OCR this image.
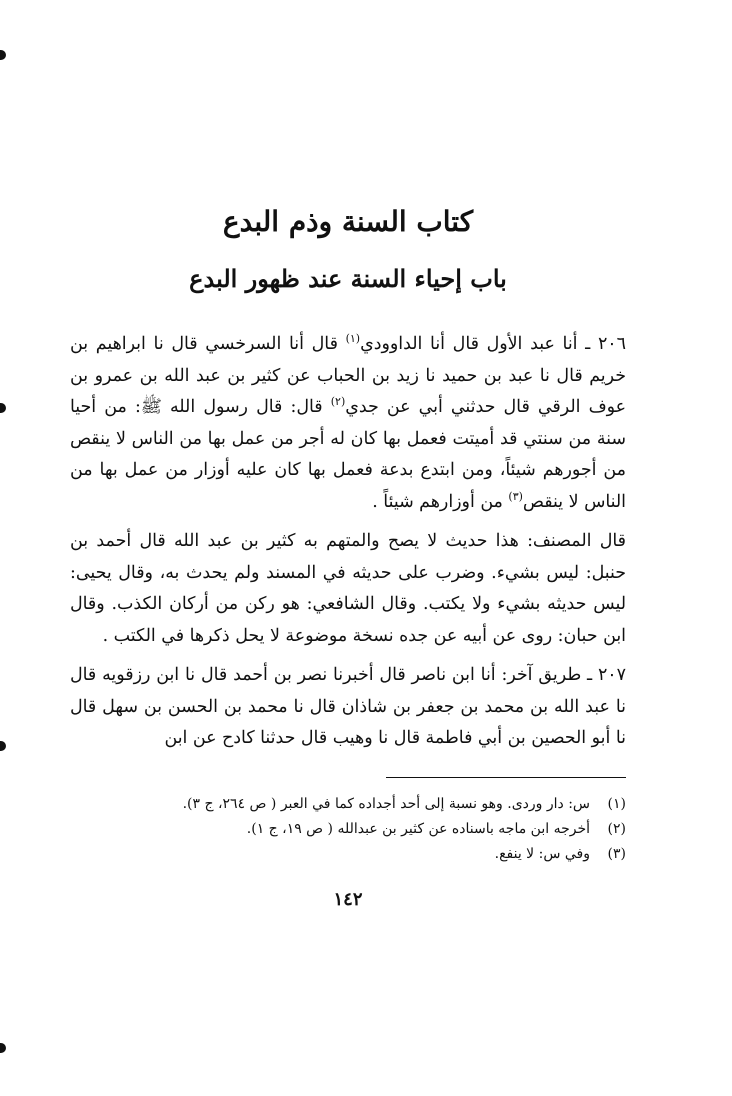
كتاب السنة وذم البدع
باب إحياء السنة عند ظهور البدع

٢٠٦ ـ أنا عبد الأول قال أنا الداوودي$^{(١)}$ قال أنا السرخسي قال نا ابراهيم بن خريم قال نا عبد بن حميد نا زيد بن الحباب عن كثير بن عبد الله بن عمرو بن عوف الرقي قال حدثني أبي عن جدي$^{(٢)}$ قال: قال رسول الله ﷺ: من أحيا سنة من سنتي قد أميتت فعمل بها كان له أجر من عمل بها من الناس لا ينقص من أجورهم شيئاً، ومن ابتدع بدعة فعمل بها كان عليه أوزار من عمل بها من الناس لا ينقص$^{(٣)}$ من أوزارهم شيئاً .

قال المصنف: هذا حديث لا يصح والمتهم به كثير بن عبد الله قال أحمد بن حنبل: ليس بشيء. وضرب على حديثه في المسند ولم يحدث به، وقال يحيى: ليس حديثه بشيء ولا يكتب. وقال الشافعي: هو ركن من أركان الكذب. وقال ابن حبان: روى عن أبيه عن جده نسخة موضوعة لا يحل ذكرها في الكتب .

٢٠٧ ـ طريق آخر: أنا ابن ناصر قال أخبرنا نصر بن أحمد قال نا ابن رزقويه قال نا عبد الله بن محمد بن جعفر بن شاذان قال نا محمد بن الحسن بن سهل قال نا أبو الحصين بن أبي فاطمة قال نا وهيب قال حدثنا كادح عن ابن

(١)س: دار وردى. وهو نسبة إلى أحد أجداده كما في العبر ( ص ٢٦٤، ج ٣).
(٢)أخرجه ابن ماجه باسناده عن كثير بن عبدالله ( ص ١٩، ج ١).
(٣)وفي س: لا ينفع.
١٤٢
